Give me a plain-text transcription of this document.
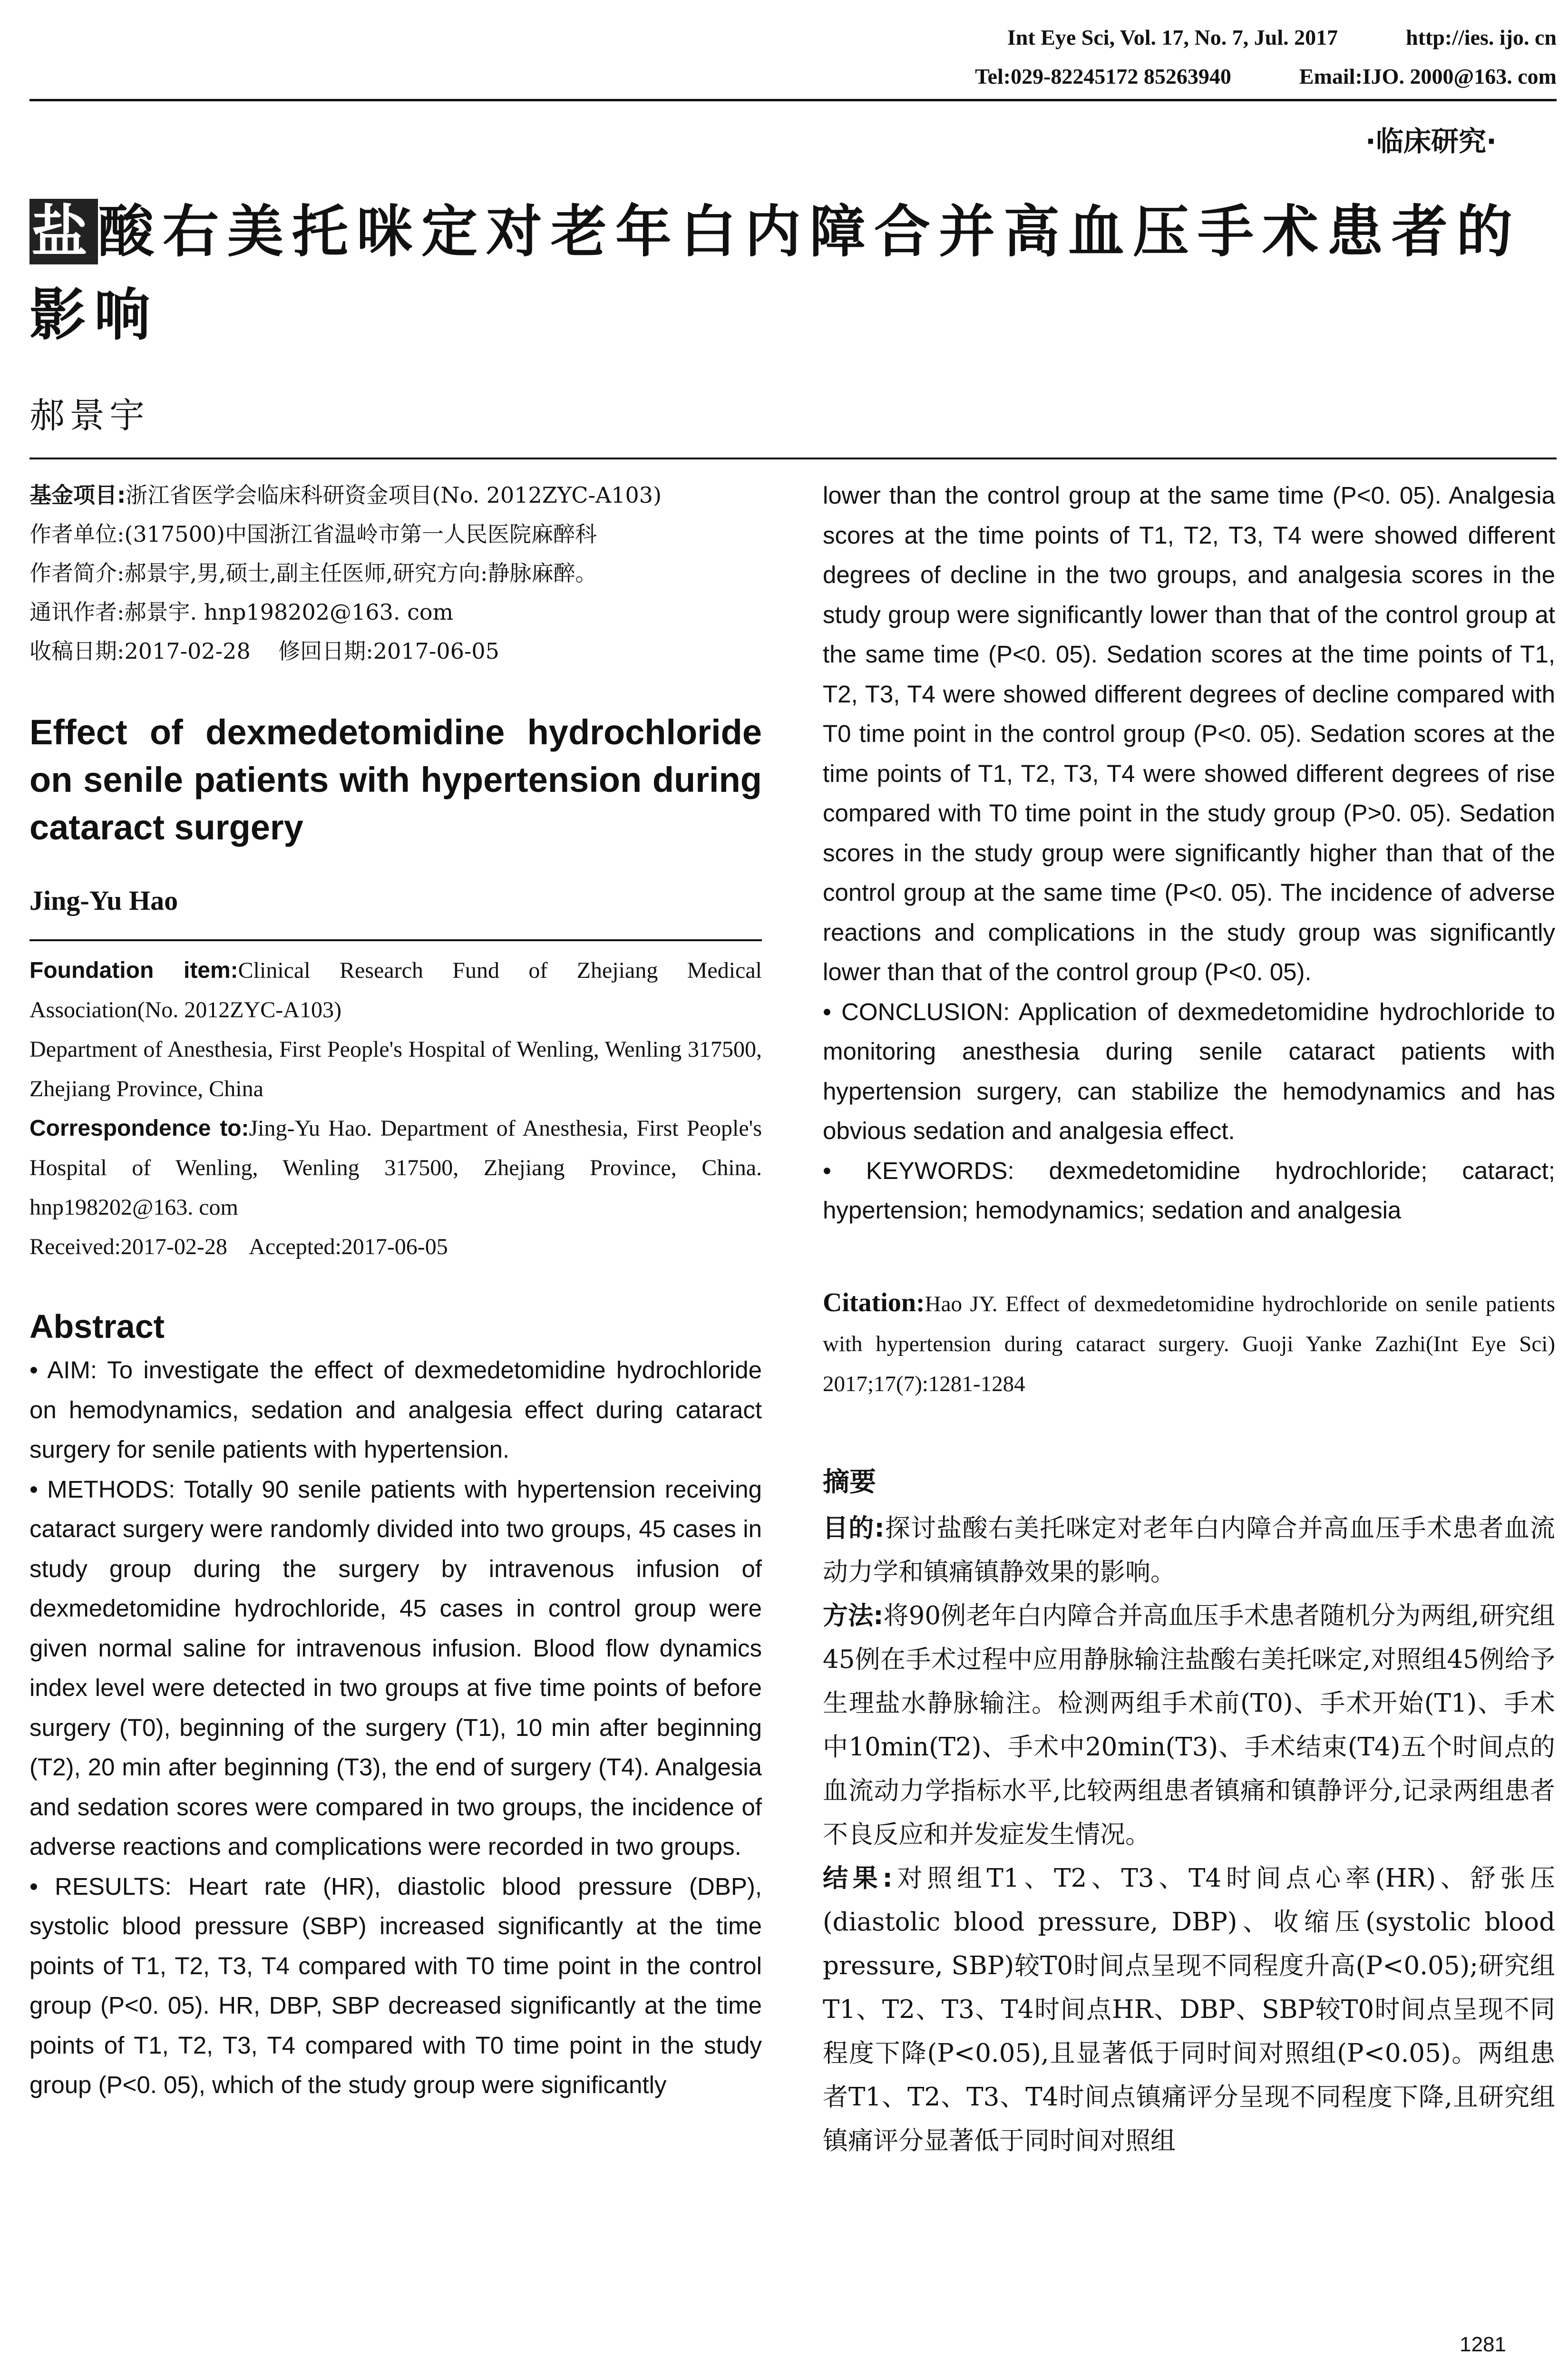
Int Eye Sci, Vol. 17, No. 7, Jul. 2017	http://ies. ijo. cn
Tel:029-82245172 85263940	Email:IJO. 2000@163. com
·临床研究·
盐酸右美托咪定对老年白内障合并高血压手术患者的影响
郝景宇

基金项目:浙江省医学会临床科研资金项目(No. 2012ZYC-A103)

作者单位:(317500)中国浙江省温岭市第一人民医院麻醉科

作者简介:郝景宇,男,硕士,副主任医师,研究方向:静脉麻醉。

通讯作者:郝景宇. hnp198202@163. com

收稿日期:2017-02-28    修回日期:2017-06-05

Effect of dexmedetomidine hydrochloride on senile patients with hypertension during cataract surgery
Jing-Yu Hao

Foundation item:Clinical Research Fund of Zhejiang Medical Association(No. 2012ZYC-A103)

Department of Anesthesia, First People's Hospital of Wenling, Wenling 317500, Zhejiang Province, China

Correspondence to:Jing-Yu Hao. Department of Anesthesia, First People's Hospital of Wenling, Wenling 317500, Zhejiang Province, China. hnp198202@163. com

Received:2017-02-28    Accepted:2017-06-05

Abstract

• AIM: To investigate the effect of dexmedetomidine hydrochloride on hemodynamics, sedation and analgesia effect during cataract surgery for senile patients with hypertension.

• METHODS: Totally 90 senile patients with hypertension receiving cataract surgery were randomly divided into two groups, 45 cases in study group during the surgery by intravenous infusion of dexmedetomidine hydrochloride, 45 cases in control group were given normal saline for intravenous infusion. Blood flow dynamics index level were detected in two groups at five time points of before surgery (T0), beginning of the surgery (T1), 10 min after beginning (T2), 20 min after beginning (T3), the end of surgery (T4). Analgesia and sedation scores were compared in two groups, the incidence of adverse reactions and complications were recorded in two groups.

• RESULTS: Heart rate (HR), diastolic blood pressure (DBP), systolic blood pressure (SBP) increased significantly at the time points of T1, T2, T3, T4 compared with T0 time point in the control group (P<0. 05). HR, DBP, SBP decreased significantly at the time points of T1, T2, T3, T4 compared with T0 time point in the study group (P<0. 05), which of the study group were significantly

lower than the control group at the same time (P<0. 05). Analgesia scores at the time points of T1, T2, T3, T4 were showed different degrees of decline in the two groups, and analgesia scores in the study group were significantly lower than that of the control group at the same time (P<0. 05). Sedation scores at the time points of T1, T2, T3, T4 were showed different degrees of decline compared with T0 time point in the control group (P<0. 05). Sedation scores at the time points of T1, T2, T3, T4 were showed different degrees of rise compared with T0 time point in the study group (P>0. 05). Sedation scores in the study group were significantly higher than that of the control group at the same time (P<0. 05). The incidence of adverse reactions and complications in the study group was significantly lower than that of the control group (P<0. 05).

• CONCLUSION: Application of dexmedetomidine hydrochloride to monitoring anesthesia during senile cataract patients with hypertension surgery, can stabilize the hemodynamics and has obvious sedation and analgesia effect.

• KEYWORDS: dexmedetomidine hydrochloride; cataract; hypertension; hemodynamics; sedation and analgesia

Citation:Hao JY. Effect of dexmedetomidine hydrochloride on senile patients with hypertension during cataract surgery. Guoji Yanke Zazhi(Int Eye Sci) 2017;17(7):1281-1284
摘要

目的:探讨盐酸右美托咪定对老年白内障合并高血压手术患者血流动力学和镇痛镇静效果的影响。

方法:将90例老年白内障合并高血压手术患者随机分为两组,研究组45例在手术过程中应用静脉输注盐酸右美托咪定,对照组45例给予生理盐水静脉输注。检测两组手术前(T0)、手术开始(T1)、手术中10min(T2)、手术中20min(T3)、手术结束(T4)五个时间点的血流动力学指标水平,比较两组患者镇痛和镇静评分,记录两组患者不良反应和并发症发生情况。

结果:对照组T1、T2、T3、T4时间点心率(HR)、舒张压(diastolic blood pressure, DBP)、收缩压(systolic blood pressure, SBP)较T0时间点呈现不同程度升高(P<0.05);研究组T1、T2、T3、T4时间点HR、DBP、SBP较T0时间点呈现不同程度下降(P<0.05),且显著低于同时间对照组(P<0.05)。两组患者T1、T2、T3、T4时间点镇痛评分呈现不同程度下降,且研究组镇痛评分显著低于同时间对照组

1281
